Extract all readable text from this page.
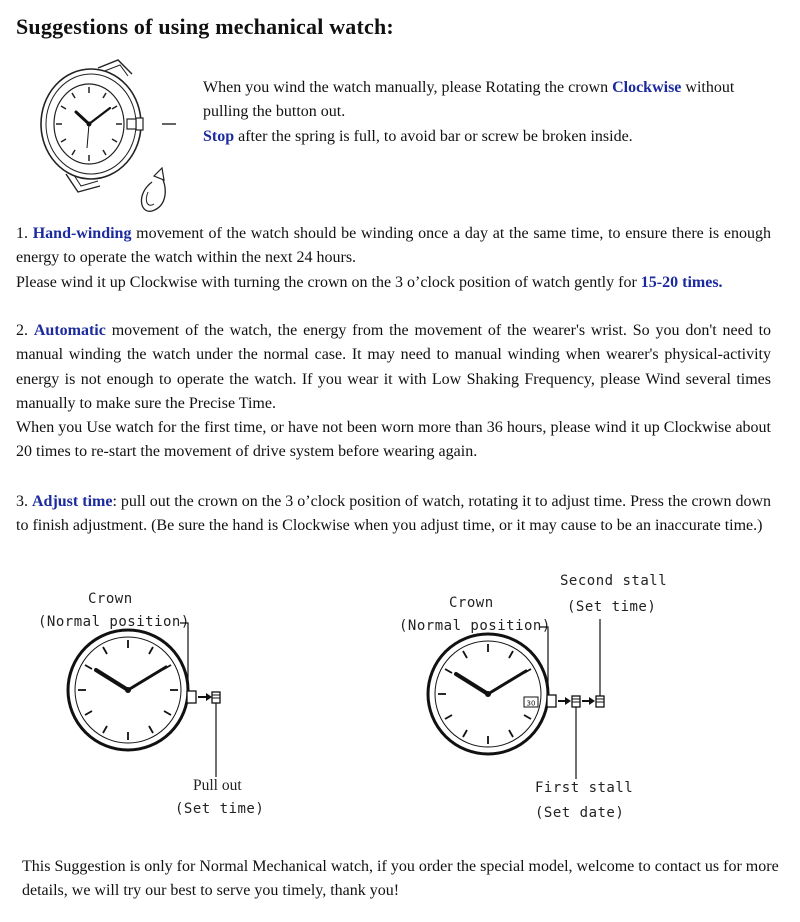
Suggestions of using mechanical watch:
When you wind the watch manually, please Rotating the crown Clockwise without pulling the button out.
Stop after the spring is full, to avoid bar or screw be broken inside.
1. Hand-winding movement of the watch should be winding once a day at the same time, to ensure there is enough energy to operate the watch within the next 24 hours.
Please wind it up Clockwise with turning the crown on the 3 o’clock position of watch gently for 15-20 times.
2. Automatic movement of the watch, the energy from the movement of the wearer's wrist. So you don't need to manual winding the watch under the normal case. It may need to manual winding when wearer's physical-activity energy is not enough to operate the watch. If you wear it with Low Shaking Frequency, please Wind several times manually to make sure the Precise Time.
When you Use watch for the first time, or have not been worn more than 36 hours, please wind it up Clockwise about 20 times to re-start the movement of drive system before wearing again.
3. Adjust time: pull out the crown on the 3 o’clock position of watch, rotating it to adjust time. Press the crown down to finish adjustment. (Be sure the hand is Clockwise when you adjust time, or it may cause to be an inaccurate time.)
Crown
(Normal position)
Pull out
(Set time)
Second stall
(Set time)
Crown
(Normal position)
First stall
(Set date)
30
This Suggestion is only for Normal Mechanical watch, if you order the special model, welcome to contact us for more details, we will try our best to serve you timely, thank you!
